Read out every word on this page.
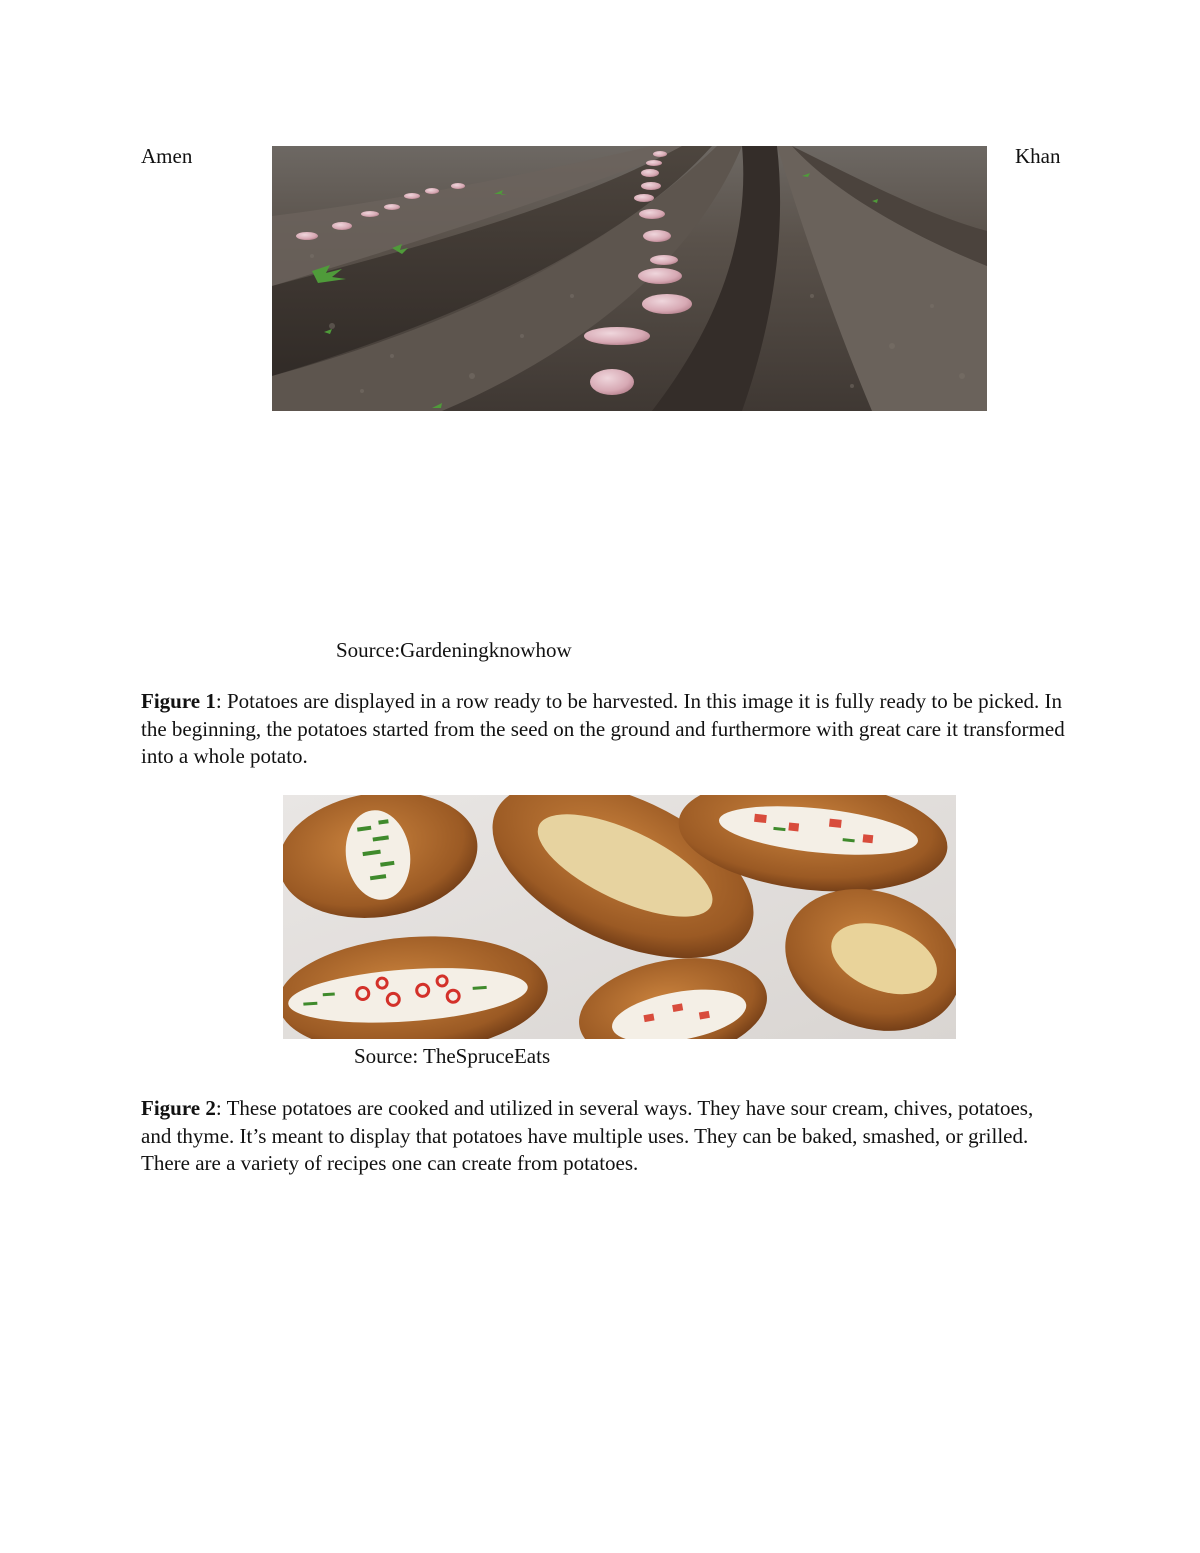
Amen	Khan
Source:Gardeningknowhow

Figure 1: Potatoes are displayed in a row ready to be harvested. In this image it is fully ready to be picked. In the beginning, the potatoes started from the seed on the ground and furthermore with great care it transformed into a whole potato.

Source: TheSpruceEats

Figure 2: These potatoes are cooked and utilized in several ways. They have sour cream, chives, potatoes, and thyme. It’s meant to display that potatoes have multiple uses. They can be baked, smashed, or grilled. There are a variety of recipes one can create from potatoes.
